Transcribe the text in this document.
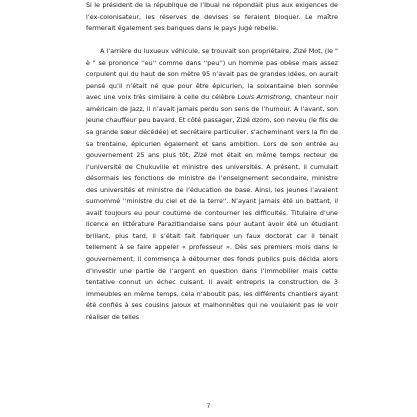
Si le président de la république de l’Ibual ne répondait plus aux exigences de l’ex-colonisateur, les réserves de devises se feraient bloquer. Le maître fermerait également ses banques dans le pays jugé rebelle.

A l’arrière du luxueux véhicule, se trouvait son propriétaire, Zizé Mot, (le " è " se prononce ''eu'' comme dans ''peu'') un homme pas obèse mais assez corpulent qui du haut de son mètre 95 n’avait pas de grandes idées, on aurait pensé qu’il n’était né que pour être épicurien, la soixantaine bien sonnée avec une voix très similaire à celle du célèbre Louis Armstrong, chanteur noir américain de Jazz, il n’avait jamais perdu son sens de l’humour. A l’avant, son jeune chauffeur peu bavard. Et côté passager, Zizé dzom, son neveu (le fils de sa grande sœur décédée) et secrétaire particulier, s’acheminant vers la fin de sa trentaine, épicurien également et sans ambition. Lors de son entrée au gouvernement 25 ans plus tôt, Zizé mot était en même temps recteur de l’université de Chukuville et ministre des universités. A présent, il cumulait désormais les fonctions de ministre de l’enseignement secondaire, ministre des universités et ministre de l’éducation de base. Ainsi, les jeunes l’avaient surnommé ''ministre du ciel et de la terre''. N’ayant jamais été un battant, il avait toujours eu pour coutume de contourner les difficultés. Titulaire d’une licence en littérature Parazitlandaise sans pour autant avoir été un étudiant brillant, plus tard, il s’était fait fabriquer un faux doctorat car il tenait tellement à se faire appeler « professeur ». Dès ses premiers mois dans le gouvernement, il commença à détourner des fonds publics puis décida alors d’investir une partie de l’argent en question dans l’immobilier mais cette tentative connut un échec cuisant. Il avait entrepris la construction de 3 immeubles en même temps, cela n’aboutit pas, les différents chantiers ayant été confiés à ses cousins jaloux et malhonnêtes qui ne voulaient pas le voir réaliser de telles

7
